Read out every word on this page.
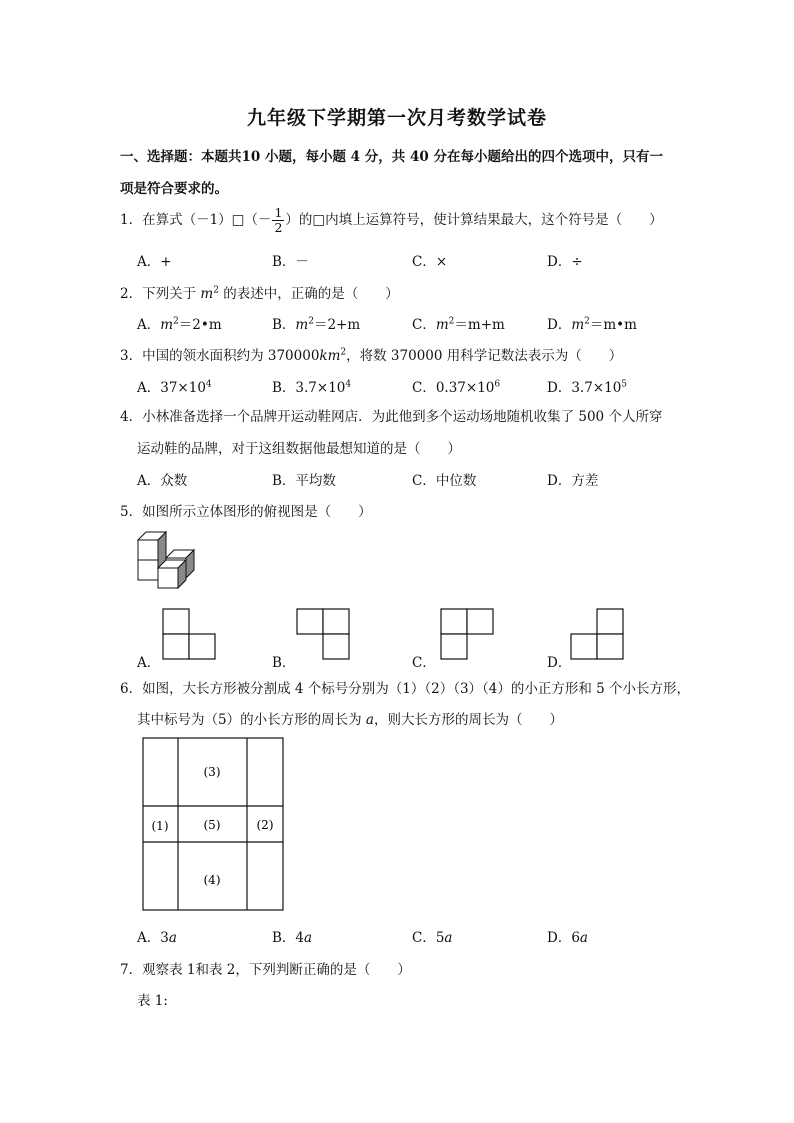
九年级下学期第一次月考数学试卷
一、选择题：本题共10 小题，每小题 4 分，共 40 分在每小题给出的四个选项中，只有一
项是符合要求的。
1．在算式（－1）□（－ $\frac{1}{2}$ ）的□内填上运算符号，使计算结果最大，这个符号是（　　）
A．+	B．－	C．×	D．÷
2．下列关于 $m^2$ 的表述中，正确的是（　　）
A．$m^2=2•m$	B．$m^2=2+m$	C．$m^2=m+m$	D．$m^2=m•m$
3．中国的领水面积约为 $370000km^2$，将数 370000 用科学记数法表示为（　　）
A．$37\times 10^4$	B．$3.7\times 10^4$	C．$0.37\times 10^6$	D．$3.7\times 10^5$
4．小林准备选择一个品牌开运动鞋网店．为此他到多个运动场地随机收集了 500 个人所穿
运动鞋的品牌，对于这组数据他最想知道的是（　　）
A．众数	B．平均数	C．中位数	D．方差
5．如图所示立体图形的俯视图是（　　）
A．	B．	C．	D．
6．如图，大长方形被分割成 4 个标号分别为（1）（2）（3）（4）的小正方形和 5 个小长方形，
其中标号为（5）的小长方形的周长为 a，则大长方形的周长为（　　）
(3)
(1)	(5)	(2)
(4)
A．3a	B．4a	C．5a	D．6a
7．观察表 1和表 2，下列判断正确的是（　　）
表 1:
